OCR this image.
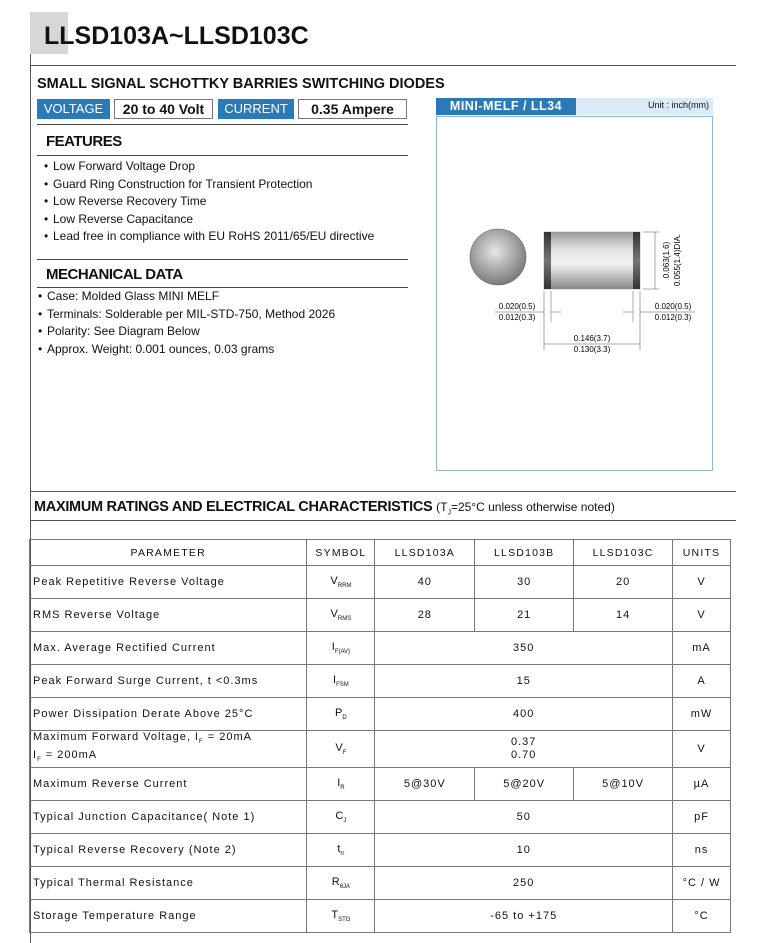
LLSD103A~LLSD103C
SMALL SIGNAL SCHOTTKY BARRIES SWITCHING DIODES
VOLTAGE	20 to 40 Volt	CURRENT	0.35 Ampere
FEATURES
• Low Forward Voltage Drop
• Guard Ring Construction for Transient Protection
• Low Reverse Recovery Time
• Low Reverse Capacitance
• Lead free in compliance with EU RoHS 2011/65/EU directive
MECHANICAL DATA
• Case: Molded Glass MINI MELF
• Terminals: Solderable per MIL-STD-750, Method 2026
• Polarity: See Diagram Below
• Approx. Weight: 0.001 ounces, 0.03 grams
MINI-MELF / LL34	Unit : inch(mm)
0.063(1.6) 0.055(1.4)DIA.
0.020(0.5)
0.012(0.3)
0.020(0.5)
0.012(0.3)
0.146(3.7)
0.130(3.3)
MAXIMUM RATINGS AND ELECTRICAL CHARACTERISTICS ($T_J=25^\circ C$ unless otherwise noted)
PARAMETER	SYMBOL	LLSD103A	LLSD103B	LLSD103C	UNITS
Peak Repetitive Reverse Voltage	$V_{RRM}$	40	30	20	V
RMS Reverse Voltage	$V_{RMS}$	28	21	14	V
Max. Average Rectified Current	$I_{F(AV)}$	350			mA
Peak Forward Surge Current, t <0.3ms	$I_{FSM}$	15			A
Power Dissipation Derate Above 25°C	$P_D$	400			mW
Maximum Forward Voltage, $I_F = 20mA$
$I_F = 200mA$	$V_F$	0.37
0.70			V
Maximum Reverse Current	$I_R$	5@30V	5@20V	5@10V	µA
Typical Junction Capacitance( Note 1)	$C_J$	50			pF
Typical Reverse Recovery (Note 2)	$t_{rr}$	10			ns
Typical Thermal Resistance	$R_{\theta JA}$	250			°C / W
Storage Temperature Range	$T_{STG}$	-65 to +175			°C
